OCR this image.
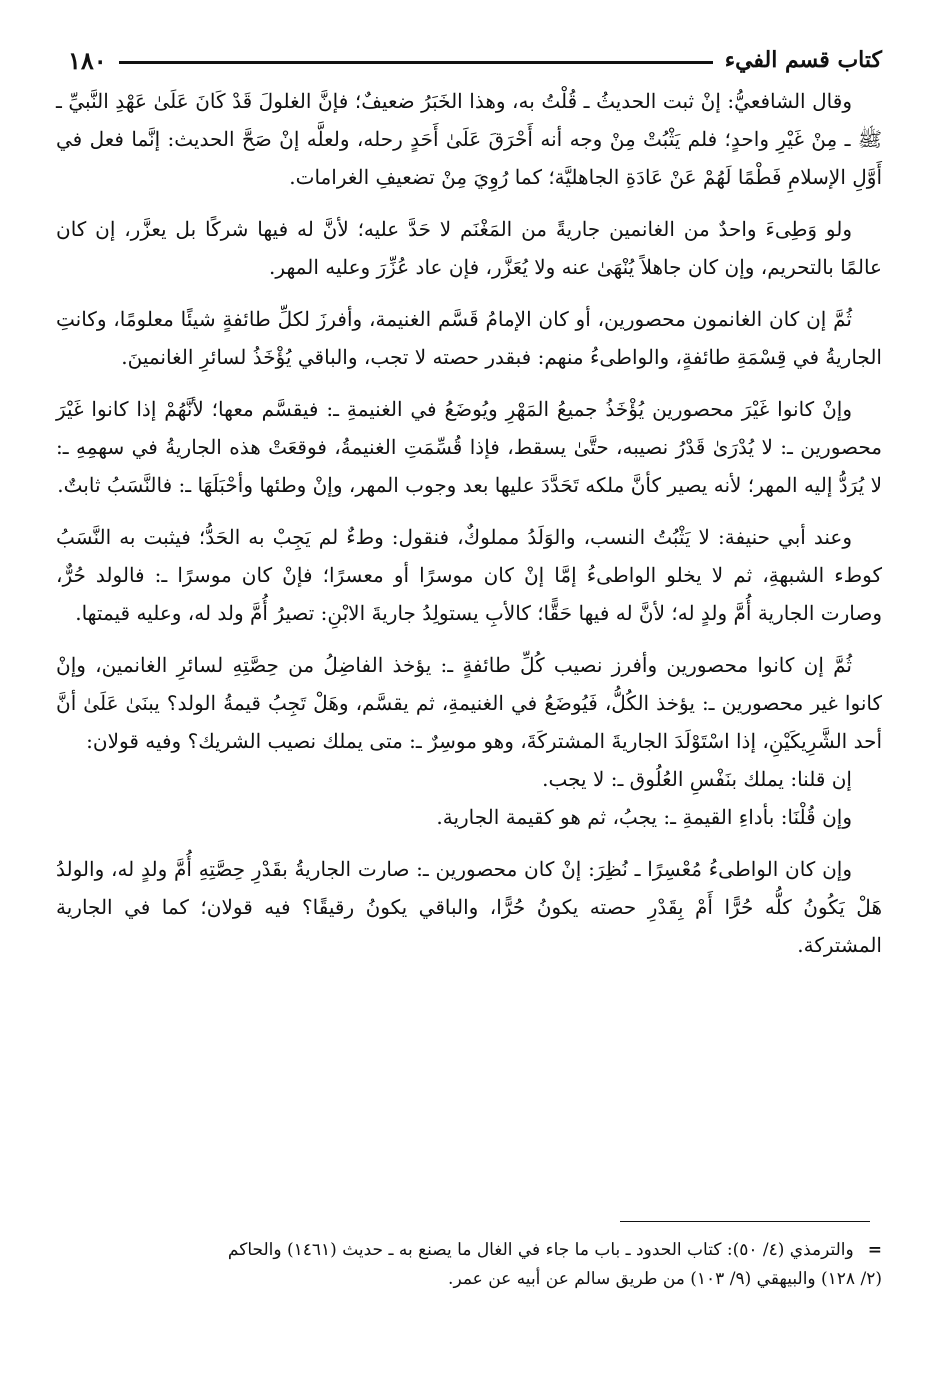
كتاب قسم الفيء
١٨٠

وقال الشافعيُّ: إنْ ثبت الحديثُ ـ قُلْتُ به، وهذا الخَبَرُ ضعيفٌ؛ فإنَّ الغلولَ قَدْ كَانَ عَلَىٰ عَهْدِ النَّبيِّ ـ ﷺ ـ مِنْ غَيْرِ واحدٍ؛ فلم يَثْبُتْ مِنْ وجه أنه أَحْرَقَ عَلَىٰ أَحَدٍ رحله، ولعلَّه إنْ صَحَّ الحديث: إنَّما فعل في أَوَّلِ الإسلامِ فَطْمًا لَهُمْ عَنْ عَادَةِ الجاهليَّة؛ كما رُوِيَ مِنْ تضعيفِ الغرامات.

ولو وَطِىءَ واحدٌ من الغانمين جاريةً من المَغْنَم لا حَدَّ عليه؛ لأنَّ له فيها شركًا بل يعزَّر، إن كان عالمًا بالتحريم، وإن كان جاهلاً يُنْهَىٰ عنه ولا يُعَزَّر، فإن عاد عُزِّرَ وعليه المهر.

ثُمَّ إن كان الغانمون محصورين، أو كان الإمامُ قَسَّم الغنيمة، وأفرزَ لكلِّ طائفةٍ شيئًا معلومًا، وكانتِ الجاريةُ في قِسْمَةِ طائفةٍ، والواطىءُ منهم: فبقدر حصته لا تجب، والباقي يُؤْخَذُ لسائرِ الغانمينَ.

وإنْ كانوا غَيْرَ محصورين يُؤْخَذُ جميعُ المَهْرِ ويُوضَعُ في الغنيمةِ ـ: فيقسَّم معها؛ لأنَّهُمْ إذا كانوا غَيْرَ محصورين ـ: لا يُدْرَىٰ قَدْرُ نصيبه، حتَّىٰ يسقط، فإذا قُسِّمَتِ الغنيمةُ، فوقعَتْ هذه الجاريةُ في سهمِهِ ـ: لا يُرَدُّ إليه المهر؛ لأنه يصير كأنَّ ملكه تَحَدَّدَ عليها بعد وجوب المهر، وإنْ وطئها وأحْبَلَهَا ـ: فالنَّسَبُ ثابتٌ.

وعند أبي حنيفة: لا يَثْبُتُ النسب، والوَلَدُ مملوكٌ، فنقول: وطءٌ لم يَجِبْ به الحَدُّ؛ فيثبت به النَّسَبُ كوطء الشبهةِ، ثم لا يخلو الواطىءُ إمَّا إنْ كان موسرًا أو معسرًا؛ فإنْ كان موسرًا ـ: فالولد حُرٌّ، وصارت الجارية أُمَّ ولدٍ له؛ لأنَّ له فيها حَقًّا؛ كالأبِ يستولِدُ جاريةَ الابْنِ: تصيرُ أُمَّ ولد له، وعليه قيمتها.

ثُمَّ إن كانوا محصورين وأفرز نصيب كُلِّ طائفةٍ ـ: يؤخذ الفاضِلُ من حِصَّتِهِ لسائرِ الغانمين، وإنْ كانوا غير محصورين ـ: يؤخذ الكُلُّ، فَيُوضَعُ في الغنيمةِ، ثم يقسَّم، وهَلْ تَجِبُ قيمةُ الولد؟ يبنَىٰ عَلَىٰ أنَّ أحد الشَّرِيكَيْنِ، إذا اسْتَوْلَدَ الجاريةَ المشتركَةَ، وهو موسِرٌ ـ: متى يملك نصيب الشريك؟ وفيه قولان:

إن قلنا: يملك بنَفْسِ العُلُوق ـ: لا يجب.

وإن قُلْنَا: بأداءِ القيمةِ ـ: يجبُ، ثم هو كقيمة الجارية.

وإن كان الواطىءُ مُعْسِرًا ـ نُظِرَ: إنْ كان محصورين ـ: صارت الجاريةُ بقَدْرِ حِصَّتِهِ أُمَّ ولدٍ له، والولدُ هَلْ يَكُونُ كلُّه حُرًّا أَمْ بِقَدْرِ حصته يكونُ حُرًّا، والباقي يكونُ رقيقًا؟ فيه قولان؛ كما في الجارية المشتركة.

=والترمذي (٤/ ٥٠): كتاب الحدود ـ باب ما جاء في الغال ما يصنع به ـ حديث (١٤٦١) والحاكم
(٢/ ١٢٨) والبيهقي (٩/ ١٠٣) من طريق سالم عن أبيه عن عمر.
